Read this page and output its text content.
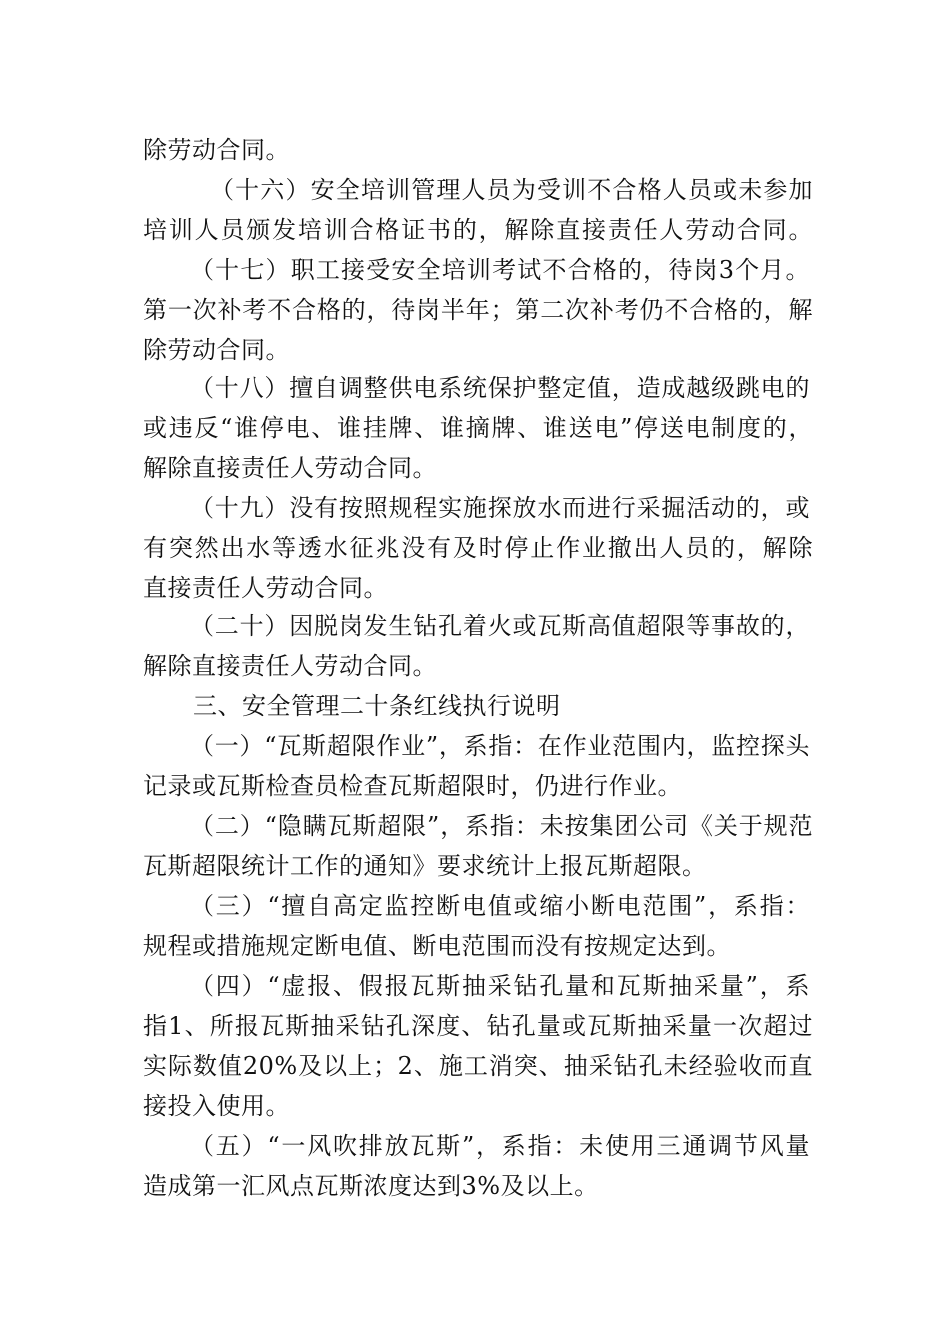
除劳动合同。
（十六）安全培训管理人员为受训不合格人员或未参加
培训人员颁发培训合格证书的，解除直接责任人劳动合同。
（十七）职工接受安全培训考试不合格的，待岗3个月。
第一次补考不合格的，待岗半年；第二次补考仍不合格的，解
除劳动合同。
（十八）擅自调整供电系统保护整定值，造成越级跳电的
或违反“谁停电、谁挂牌、谁摘牌、谁送电”停送电制度的，
解除直接责任人劳动合同。
（十九）没有按照规程实施探放水而进行采掘活动的，或
有突然出水等透水征兆没有及时停止作业撤出人员的，解除
直接责任人劳动合同。
（二十）因脱岗发生钻孔着火或瓦斯高值超限等事故的，
解除直接责任人劳动合同。
三、安全管理二十条红线执行说明
（一）“瓦斯超限作业”，系指：在作业范围内，监控探头
记录或瓦斯检查员检查瓦斯超限时，仍进行作业。
（二）“隐瞒瓦斯超限”，系指：未按集团公司《关于规范
瓦斯超限统计工作的通知》要求统计上报瓦斯超限。
（三）“擅自高定监控断电值或缩小断电范围”，系指：
规程或措施规定断电值、断电范围而没有按规定达到。
（四）“虚报、假报瓦斯抽采钻孔量和瓦斯抽采量”，系
指1、所报瓦斯抽采钻孔深度、钻孔量或瓦斯抽采量一次超过
实际数值20%及以上；2、施工消突、抽采钻孔未经验收而直
接投入使用。
（五）“一风吹排放瓦斯”，系指：未使用三通调节风量
造成第一汇风点瓦斯浓度达到3%及以上。
